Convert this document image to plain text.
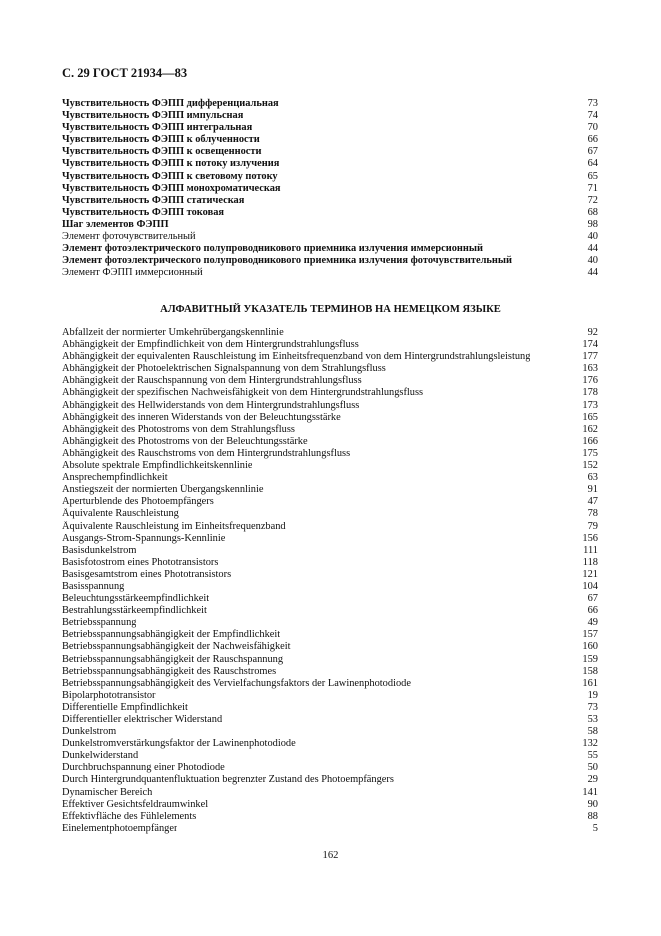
С. 29 ГОСТ 21934—83
Чувствительность ФЭПП дифференциальная	73
Чувствительность ФЭПП импульсная	74
Чувствительность ФЭПП интегральная	70
Чувствительность ФЭПП к облученности	66
Чувствительность ФЭПП к освещенности	67
Чувствительность ФЭПП к потоку излучения	64
Чувствительность ФЭПП к световому потоку	65
Чувствительность ФЭПП монохроматическая	71
Чувствительность ФЭПП статическая	72
Чувствительность ФЭПП токовая	68
Шаг элементов ФЭПП	98
Элемент фоточувствительный	40
Элемент фотоэлектрического полупроводникового приемника излучения иммерсионный	44
Элемент фотоэлектрического полупроводникового приемника излучения фоточувствительный	40
Элемент ФЭПП иммерсионный	44
АЛФАВИТНЫЙ УКАЗАТЕЛЬ ТЕРМИНОВ НА НЕМЕЦКОМ ЯЗЫКЕ
Abfallzeit der normierter Umkehrübergangskennlinie	92
Abhängigkeit der Empfindlichkeit von dem Hintergrundstrahlungsfluss	174
Abhängigkeit der equivalenten Rauschleistung im Einheitsfrequenzband von dem Hintergrundstrahlungsleistung	177
Abhängigkeit der Photoelektrischen Signalspannung von dem Strahlungsfluss	163
Abhängigkeit der Rauschspannung von dem Hintergrundstrahlungsfluss	176
Abhängigkeit der spezifischen Nachweisfähigkeit von dem Hintergrundstrahlungsfluss	178
Abhängigkeit des Hellwiderstands von dem Hintergrundstrahlungsfluss	173
Abhängigkeit des inneren Widerstands von der Beleuchtungsstärke	165
Abhängigkeit des Photostroms von dem Strahlungsfluss	162
Abhängigkeit des Photostroms von der Beleuchtungsstärke	166
Abhängigkeit des Rauschstroms von dem Hintergrundstrahlungsfluss	175
Absolute spektrale Empfindlichkeitskennlinie	152
Ansprechempfindlichkeit	63
Anstiegszeit der normierten Übergangskennlinie	91
Aperturblende des Photoempfängers	47
Äquivalente Rauschleistung	78
Äquivalente Rauschleistung im Einheitsfrequenzband	79
Ausgangs-Strom-Spannungs-Kennlinie	156
Basisdunkelstrom	111
Basisfotostrom eines Phototransistors	118
Basisgesamtstrom eines Phototransistors	121
Basisspannung	104
Beleuchtungsstärkeempfindlichkeit	67
Bestrahlungsstärkeempfindlichkeit	66
Betriebsspannung	49
Betriebsspannungsabhängigkeit der Empfindlichkeit	157
Betriebsspannungsabhängigkeit der Nachweisfähigkeit	160
Betriebsspannungsabhängigkeit der Rauschspannung	159
Betriebsspannungsabhängigkeit des Rauschstromes	158
Betriebsspannungsabhängigkeit des Vervielfachungsfaktors der Lawinenphotodiode	161
Bipolarphototransistor	19
Differentielle Empfindlichkeit	73
Differentieller elektrischer Widerstand	53
Dunkelstrom	58
Dunkelstromverstärkungsfaktor der Lawinenphotodiode	132
Dunkelwiderstand	55
Durchbruchspannung einer Photodiode	50
Durch Hintergrundquantenfluktuation begrenzter Zustand des Photoempfängers	29
Dynamischer Bereich	141
Effektiver Gesichtsfeldraumwinkel	90
Effektivfläche des Fühlelements	88
Einelementphotoempfänger	5
162
